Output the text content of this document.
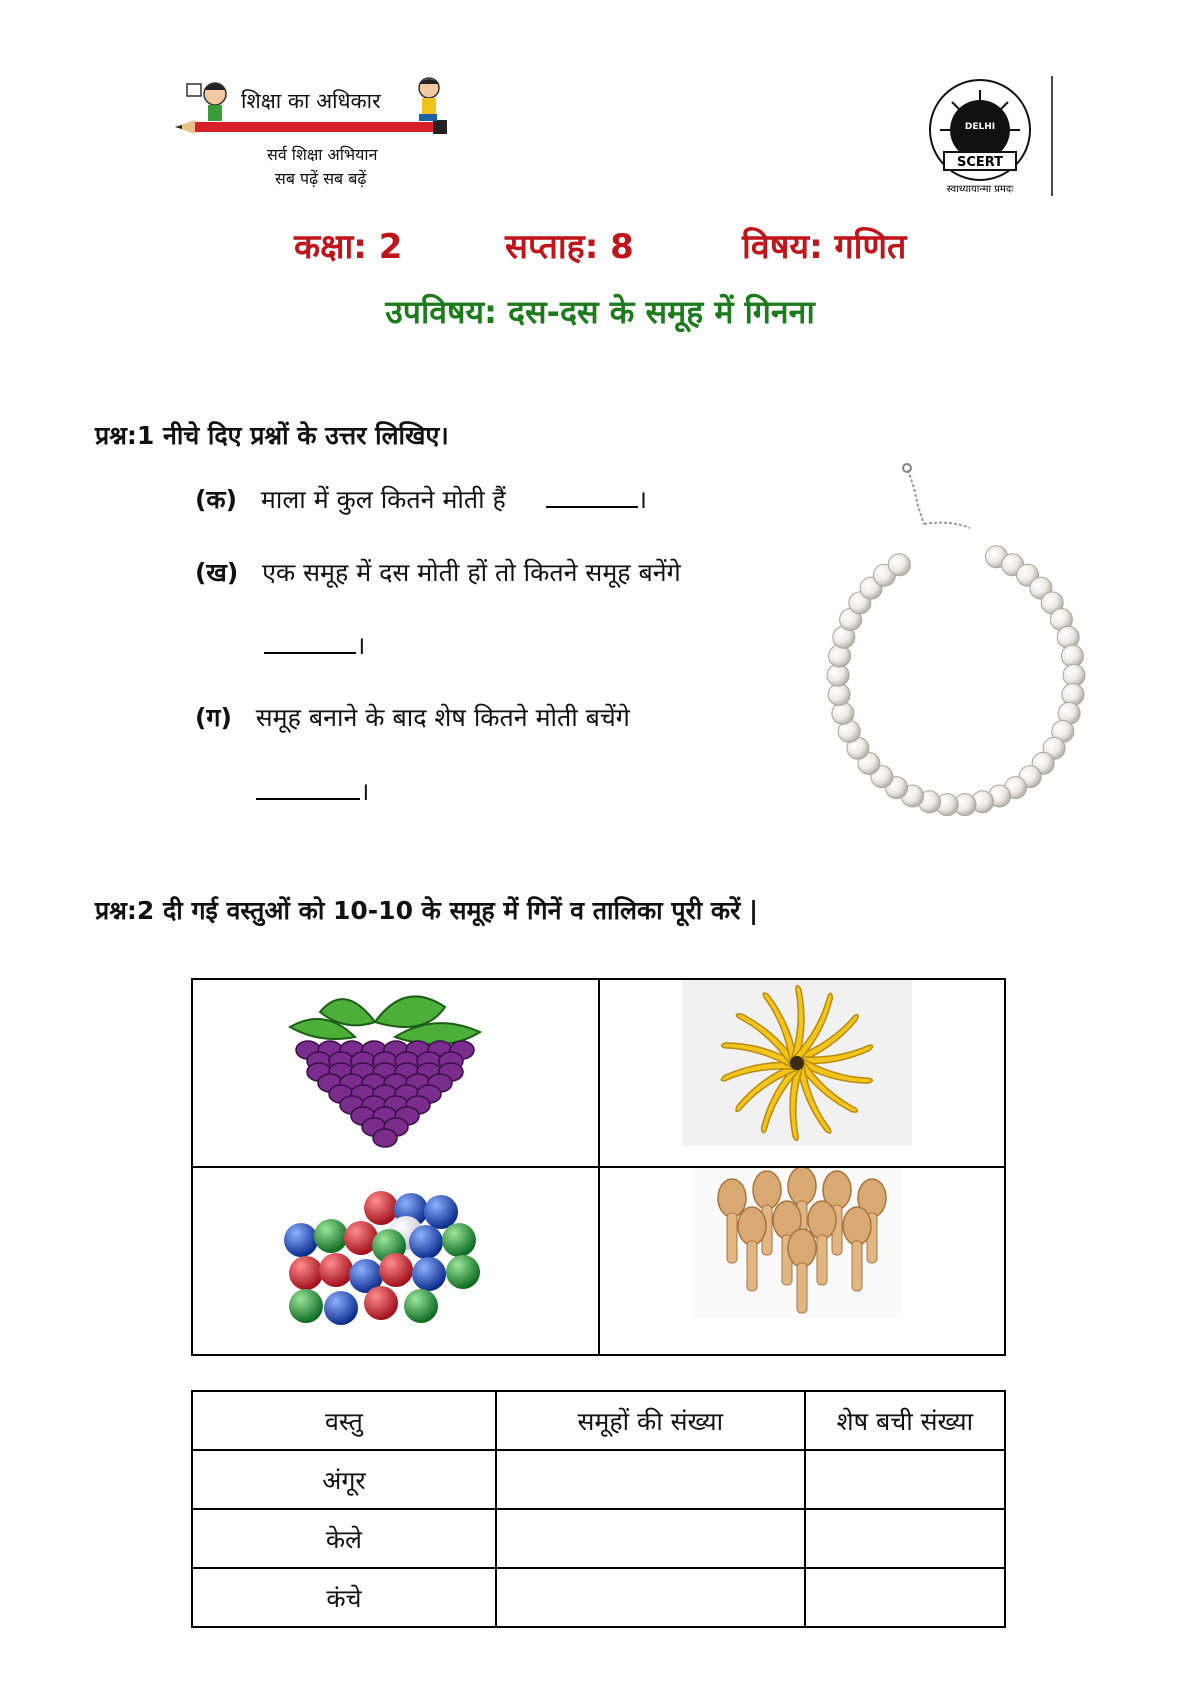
शिक्षा का अधिकार
सर्व शिक्षा अभियान
सब पढ़ें सब बढ़ें
DELHI
SCERT
स्वाध्यायान्मा प्रमदः
कक्षा: 2	सप्ताह: 8	विषय: गणित
उपविषय: दस-दस के समूह में गिनना
प्रश्न:1 नीचे दिए प्रश्नों के उत्तर लिखिए।
(क) माला में कुल कितने मोती हैं	।
(ख) एक समूह में दस मोती हों तो कितने समूह बनेंगे
।
(ग) समूह बनाने के बाद शेष कितने मोती बचेंगे
।
प्रश्न:2 दी गई वस्तुओं को 10-10 के समूह में गिनें व तालिका पूरी करें |

वस्तु	समूहों की संख्या	शेष बची संख्या
अंगूर		
केले		
कंचे		
